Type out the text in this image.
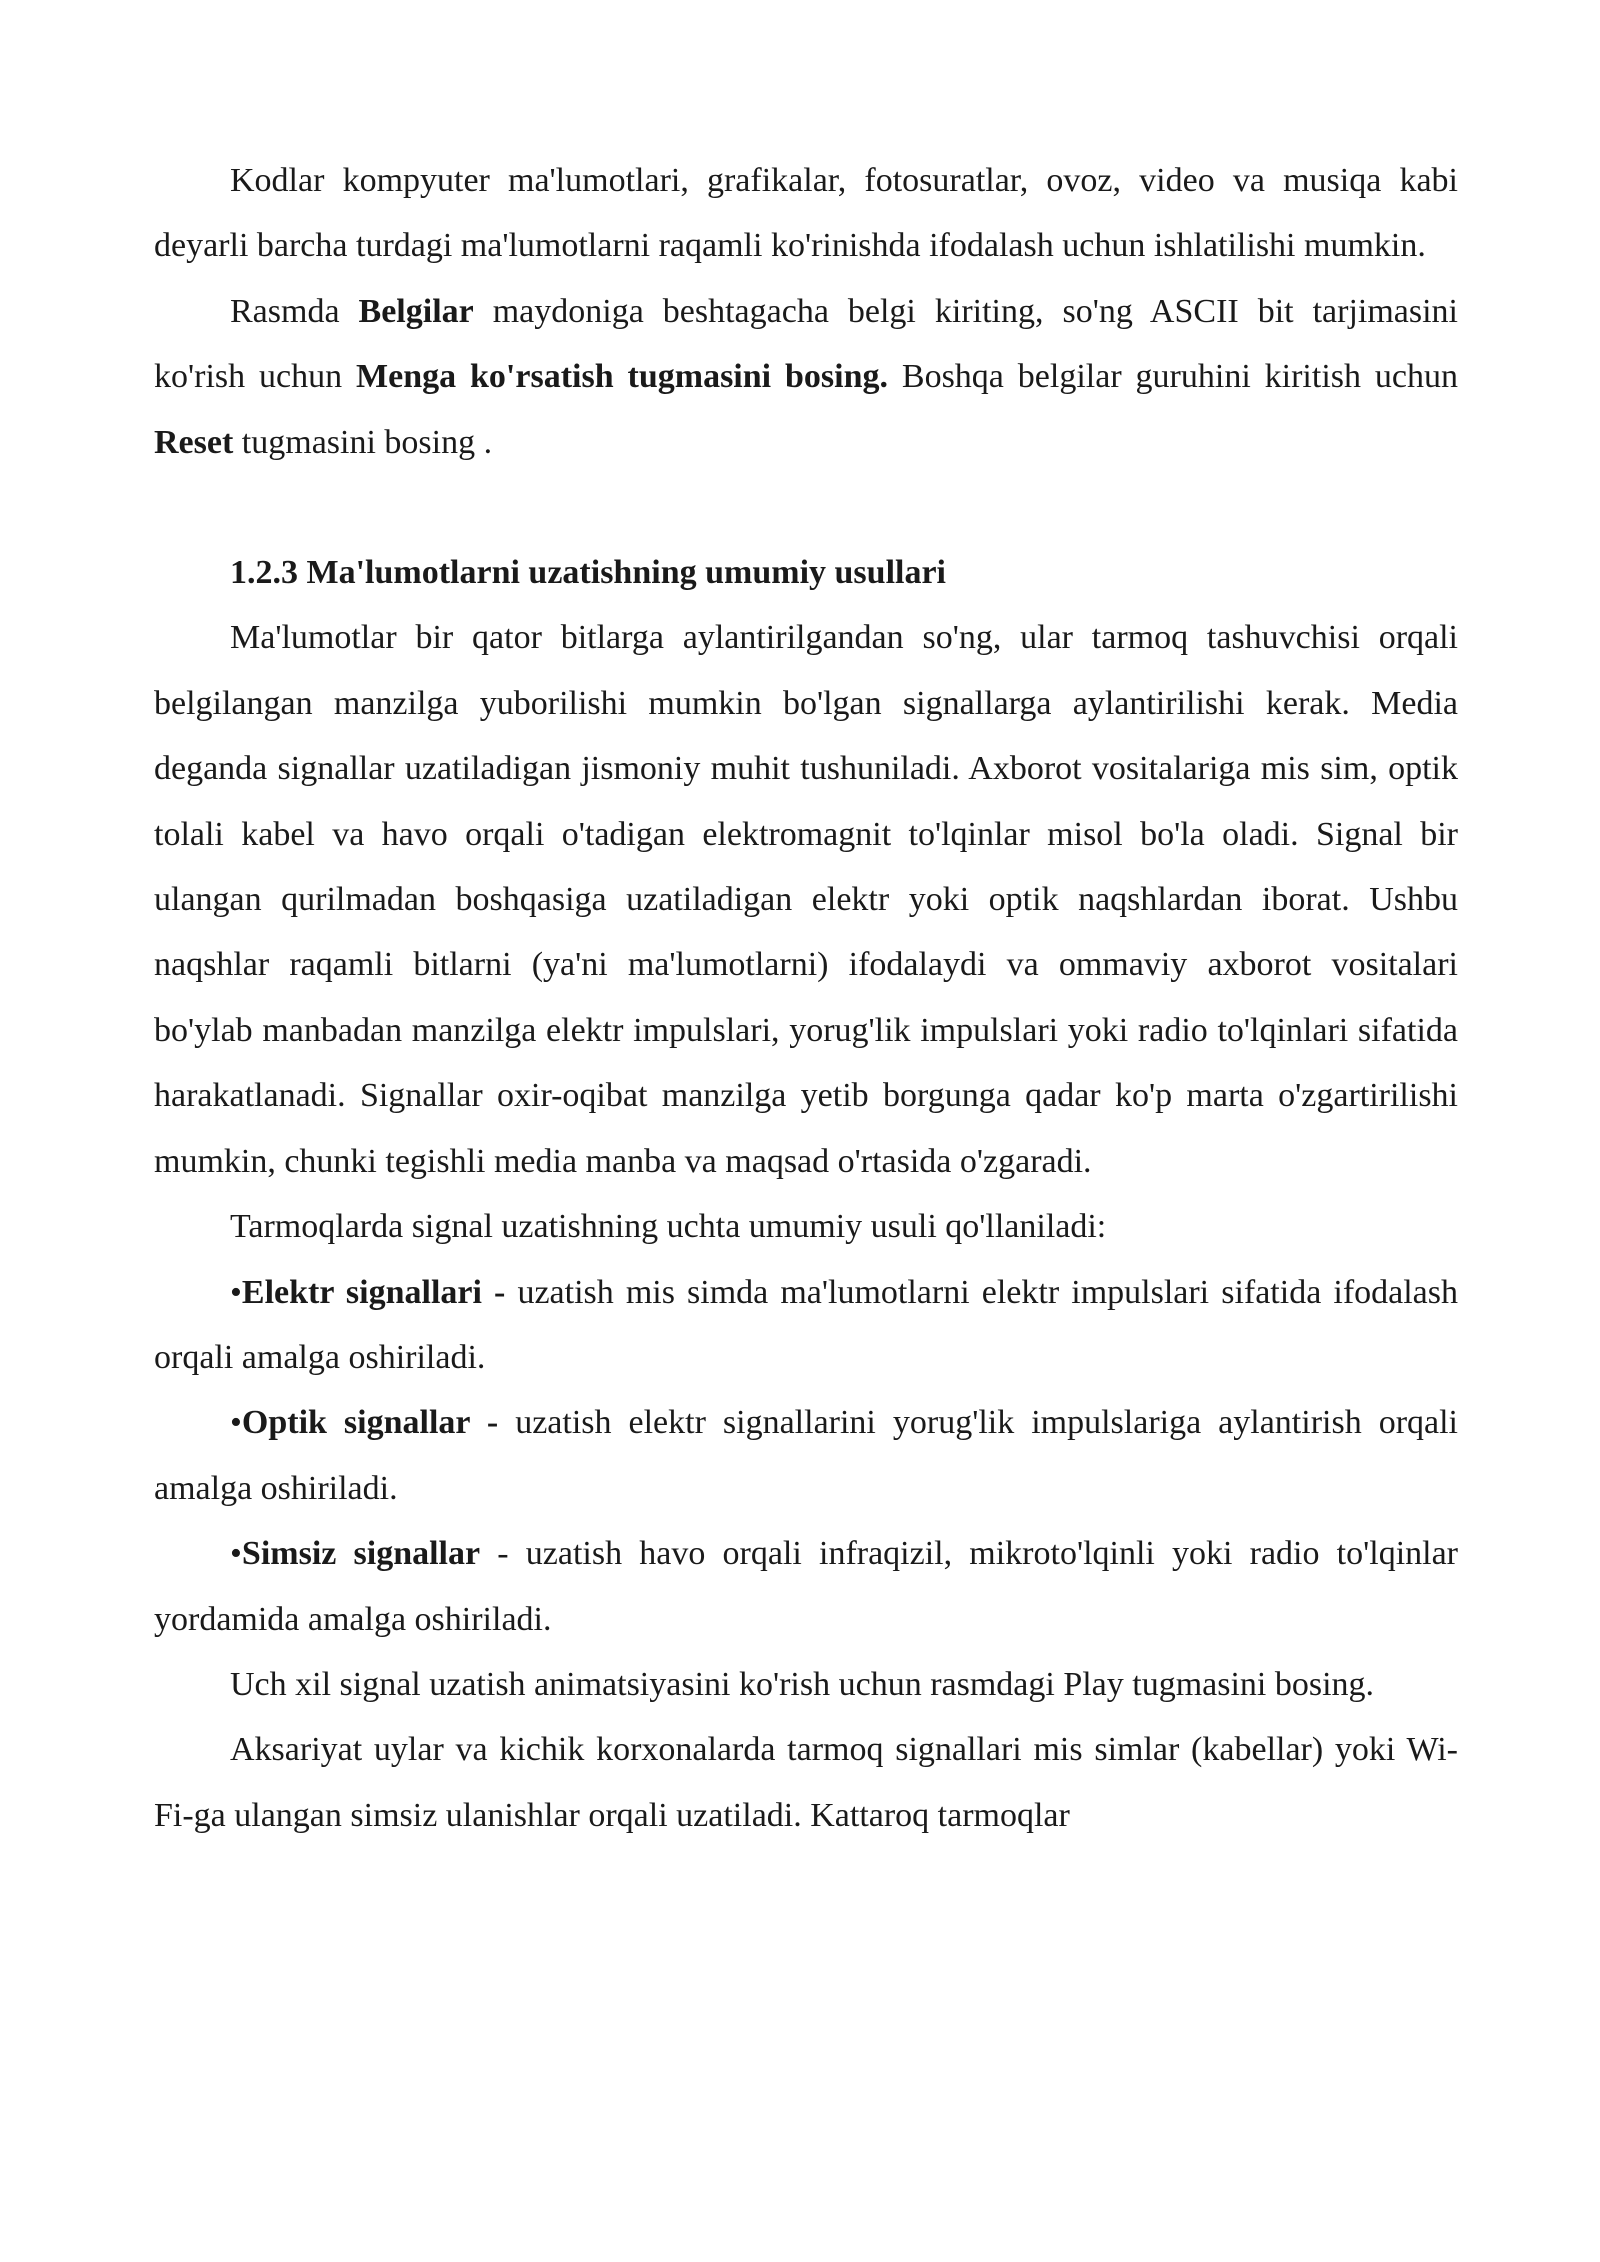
Kodlar kompyuter ma'lumotlari, grafikalar, fotosuratlar, ovoz, video va musiqa kabi deyarli barcha turdagi ma'lumotlarni raqamli ko'rinishda ifodalash uchun ishlatilishi mumkin.

Rasmda Belgilar maydoniga beshtagacha belgi kiriting, so'ng ASCII bit tarjimasini ko'rish uchun Menga ko'rsatish tugmasini bosing. Boshqa belgilar guruhini kiritish uchun Reset tugmasini bosing .

1.2.3 Ma'lumotlarni uzatishning umumiy usullari

Ma'lumotlar bir qator bitlarga aylantirilgandan so'ng, ular tarmoq tashuvchisi orqali belgilangan manzilga yuborilishi mumkin bo'lgan signallarga aylantirilishi kerak. Media deganda signallar uzatiladigan jismoniy muhit tushuniladi. Axborot vositalariga mis sim, optik tolali kabel va havo orqali o'tadigan elektromagnit to'lqinlar misol bo'la oladi. Signal bir ulangan qurilmadan boshqasiga uzatiladigan elektr yoki optik naqshlardan iborat. Ushbu naqshlar raqamli bitlarni (ya'ni ma'lumotlarni) ifodalaydi va ommaviy axborot vositalari bo'ylab manbadan manzilga elektr impulslari, yorug'lik impulslari yoki radio to'lqinlari sifatida harakatlanadi. Signallar oxir-oqibat manzilga yetib borgunga qadar ko'p marta o'zgartirilishi mumkin, chunki tegishli media manba va maqsad o'rtasida o'zgaradi.

Tarmoqlarda signal uzatishning uchta umumiy usuli qo'llaniladi:

•Elektr signallari - uzatish mis simda ma'lumotlarni elektr impulslari sifatida ifodalash orqali amalga oshiriladi.

•Optik signallar - uzatish elektr signallarini yorug'lik impulslariga aylantirish orqali amalga oshiriladi.

•Simsiz signallar - uzatish havo orqali infraqizil, mikroto'lqinli yoki radio to'lqinlar yordamida amalga oshiriladi.

Uch xil signal uzatish animatsiyasini ko'rish uchun rasmdagi Play tugmasini bosing.

Aksariyat uylar va kichik korxonalarda tarmoq signallari mis simlar (kabellar) yoki Wi-Fi-ga ulangan simsiz ulanishlar orqali uzatiladi. Kattaroq tarmoqlar
